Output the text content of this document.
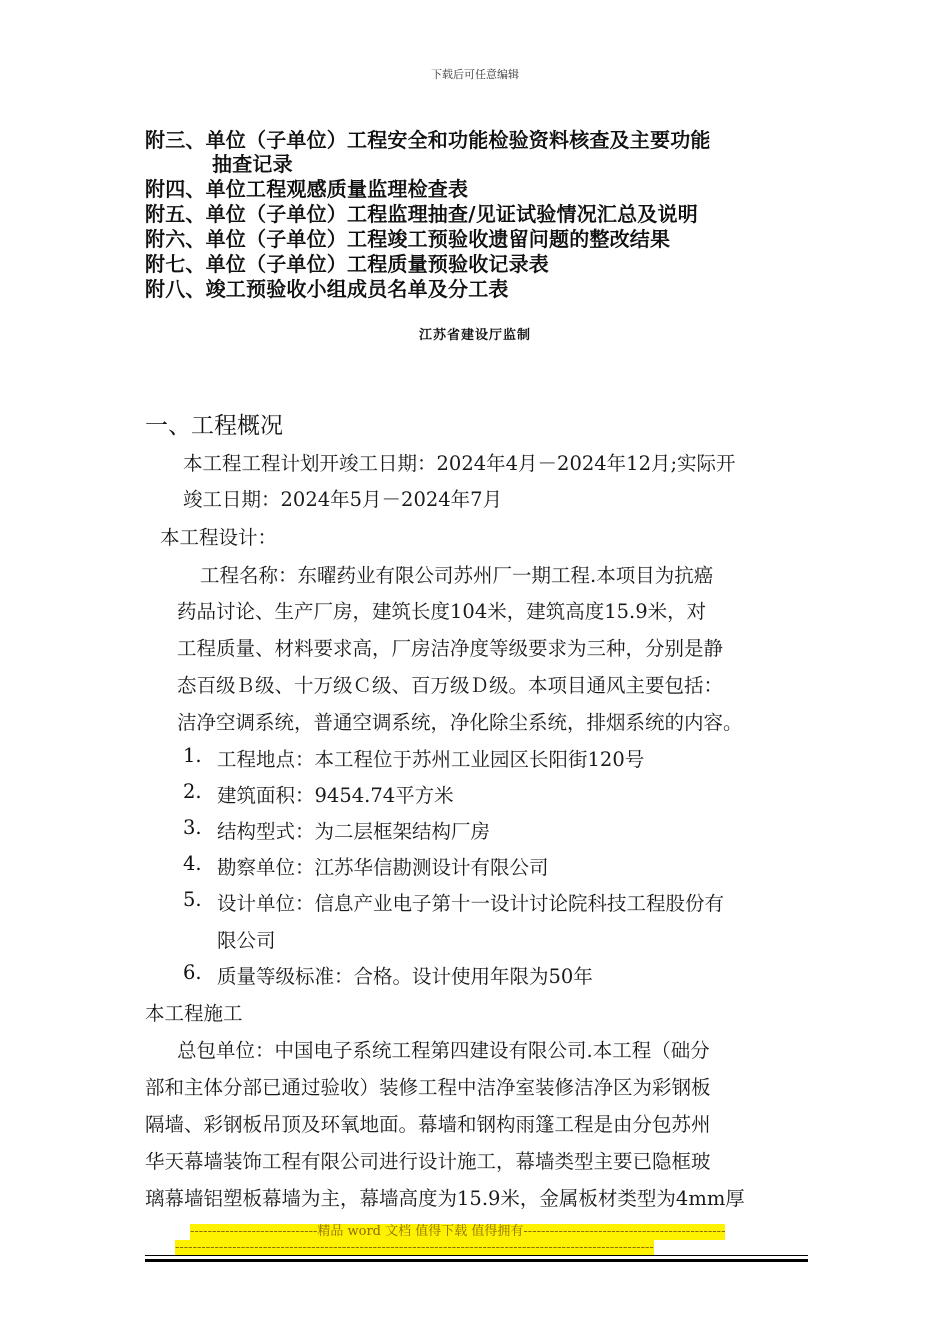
下载后可任意编辑
附三、单位（子单位）工程安全和功能检验资料核查及主要功能
抽查记录
附四、单位工程观感质量监理检查表
附五、单位（子单位）工程监理抽查/见证试验情况汇总及说明
附六、单位（子单位）工程竣工预验收遗留问题的整改结果
附七、单位（子单位）工程质量预验收记录表
附八、竣工预验收小组成员名单及分工表
江苏省建设厅监制
一、工程概况
本工程工程计划开竣工日期：2024年4月－2024年12月;实际开
竣工日期：2024年5月－2024年7月
本工程设计：
工程名称：东曜药业有限公司苏州厂一期工程.本项目为抗癌
药品讨论、生产厂房，建筑长度104米，建筑高度15.9米，对
工程质量、材料要求高，厂房洁净度等级要求为三种，分别是静
态百级Ｂ级、十万级Ｃ级、百万级Ｄ级。本项目通风主要包括：
洁净空调系统，普通空调系统，净化除尘系统，排烟系统的内容。
1. 工程地点：本工程位于苏州工业园区长阳街120号
2. 建筑面积：9454.74平方米
3. 结构型式：为二层框架结构厂房
4. 勘察单位：江苏华信勘测设计有限公司
5. 设计单位：信息产业电子第十一设计讨论院科技工程股份有
限公司
6. 质量等级标准：合格。设计使用年限为50年
本工程施工
总包单位：中国电子系统工程第四建设有限公司.本工程（础分
部和主体分部已通过验收）装修工程中洁净室装修洁净区为彩钢板
隔墙、彩钢板吊顶及环氧地面。幕墙和钢构雨篷工程是由分包苏州
华天幕墙装饰工程有限公司进行设计施工，幕墙类型主要已隐框玻
璃幕墙铝塑板幕墙为主，幕墙高度为15.9米，金属板材类型为4mm厚
-----------------------------精品 word 文档 值得下载 值得拥有----------------------------------------------
-------------------------------------------------------------------------------------------------------------
